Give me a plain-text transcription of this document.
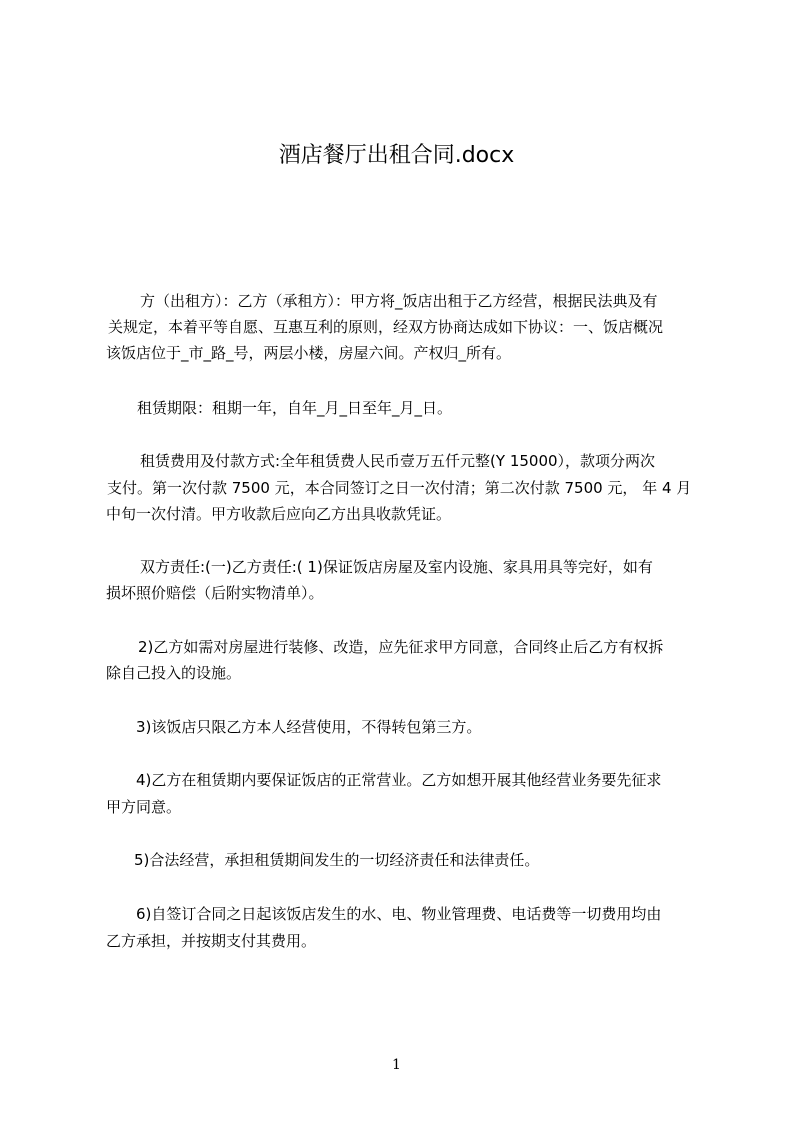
酒店餐厅出租合同.docx
方（出租方）：乙方（承租方）：甲方将_饭店出租于乙方经营，根据民法典及有
关规定，本着平等自愿、互惠互利的原则，经双方协商达成如下协议：一、饭店概况
该饭店位于_市_路_号，两层小楼，房屋六间。产权归_所有。
租赁期限：租期一年，自年_月_日至年_月_日。
租赁费用及付款方式:全年租赁费人民币壹万五仟元整(Y 15000），款项分两次
支付。第一次付款 7500 元，本合同签订之日一次付清；第二次付款 7500 元， 年 4 月
中旬一次付清。甲方收款后应向乙方出具收款凭证。
双方责任:(一)乙方责任:( 1)保证饭店房屋及室内设施、家具用具等完好，如有
损坏照价赔偿（后附实物清单）。
2)乙方如需对房屋进行装修、改造，应先征求甲方同意，合同终止后乙方有权拆
除自己投入的设施。
3)该饭店只限乙方本人经营使用，不得转包第三方。
4)乙方在租赁期内要保证饭店的正常营业。乙方如想开展其他经营业务要先征求
甲方同意。
5)合法经营，承担租赁期间发生的一切经济责任和法律责任。
6)自签订合同之日起该饭店发生的水、电、物业管理费、电话费等一切费用均由
乙方承担，并按期支付其费用。
1
